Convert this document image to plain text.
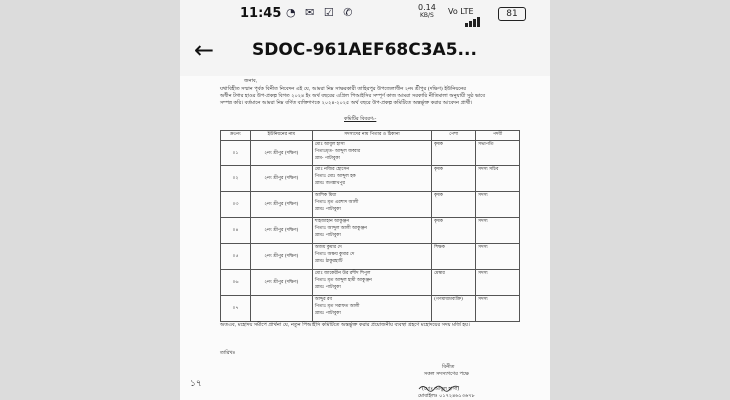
11:45 ◔ ✉ ☑ ✆	0.14
KB/S Vo LTE	81
← SDOC-961AEF68C3A5...
জনাব,
যথাবিহীত সম্মান পূর্বক বিনীত নিবেদন এই যে, আমরা নিম্ন সাক্ষরকারী তাহিরপুর উপজেলাধীন ২নং শ্রীপুর (দক্ষিণ) ইউনিয়নের
অধীন টগার হাওর উপ-প্রকল্প বিগত ২০২৪ ইং অর্থ বছরের এপ্রিল পিআইসির সম্পূর্ণ কাজ আমরা সরকারি নীতিমালা অনুযায়ী সুষ্ঠ ভাবে
সম্পন্ন করি। বর্তমানে আমরা নিম্ন বর্ণিত ব্যক্তিগণকে ২০২৪-২০২৫ অর্থ বছরে উপ-প্রকল্প কমিটিতে অন্তর্ভূক্ত করার আবেদন প্রার্থী।
কমিটির বিবরণ:-
ক্রঃনং	ইউনিয়নের নাম	সদস্যদের নাম পিতার ও ঠিকানা	পেশা	পদবী
০১	২নং শ্রীপুর (দক্ষিণ)	মোঃ আবুল হাসা
পিতাঃমৃত- আব্দুল জব্বার
গ্রাম- পাটাবুকা	কৃষক	সভাপতি
০২	২নং শ্রীপুর (দক্ষিণ)	মোঃ নজির হোসেন
পিতাঃ মোঃ আব্দুল হক
গ্রামঃ জগন্নাথপুর	কৃষক	সদস্য সচিব
০৩	২নং শ্রীপুর (দক্ষিণ)	আশিক মিয়া
পিতাঃ মৃত এরশাদ আলী
গ্রামঃ পাটাবুকা	কৃষক	সদস্য
০৪	২নং শ্রীপুর (দক্ষিণ)	শাহজাহান আকুঞ্জন
পিতাঃ আব্দুল আলী আকুঞ্জন
গ্রামঃ পাটাবুকা	কৃষক	সদস্য
০৫	২নং শ্রীপুর (দক্ষিণ)	অজয় কুমার দে
পিতাঃ অক্ষয় কুমার দে
গ্রামঃ ঠাকুরহাটি	শিক্ষক	সদস্য
০৬	২নং শ্রীপুর (দক্ষিণ)	মোঃ জাকেরীন উর রশীদ শিপুল
পিতাঃ মৃত আব্দুল হামী আকুঞ্জন
গ্রামঃ পাটাবুকা	মেম্বার	সদস্য
০৭		আব্দুর রব
পিতাঃ মৃত সরাফত আলী
গ্রামঃ পাটাবুকা	(গণমাধ্যমব্যক্তি)	সদস্য
অতএব, মহোদয় সমীপে প্রার্থনা যে, নতুন পিআইসি কমিটিতে অন্তর্ভুক্ত করার প্রয়োজনীয় ব্যবস্থা গ্রহণে মহোদয়ের সদয় মর্জি হয়।
তারিখঃ
বিনীত
সকল সদস্যগণের পক্ষে
(মোঃ আবুল হাসা)
মোবাইলঃ ০১৭২৪৬১৩৬৭৮
১৭
